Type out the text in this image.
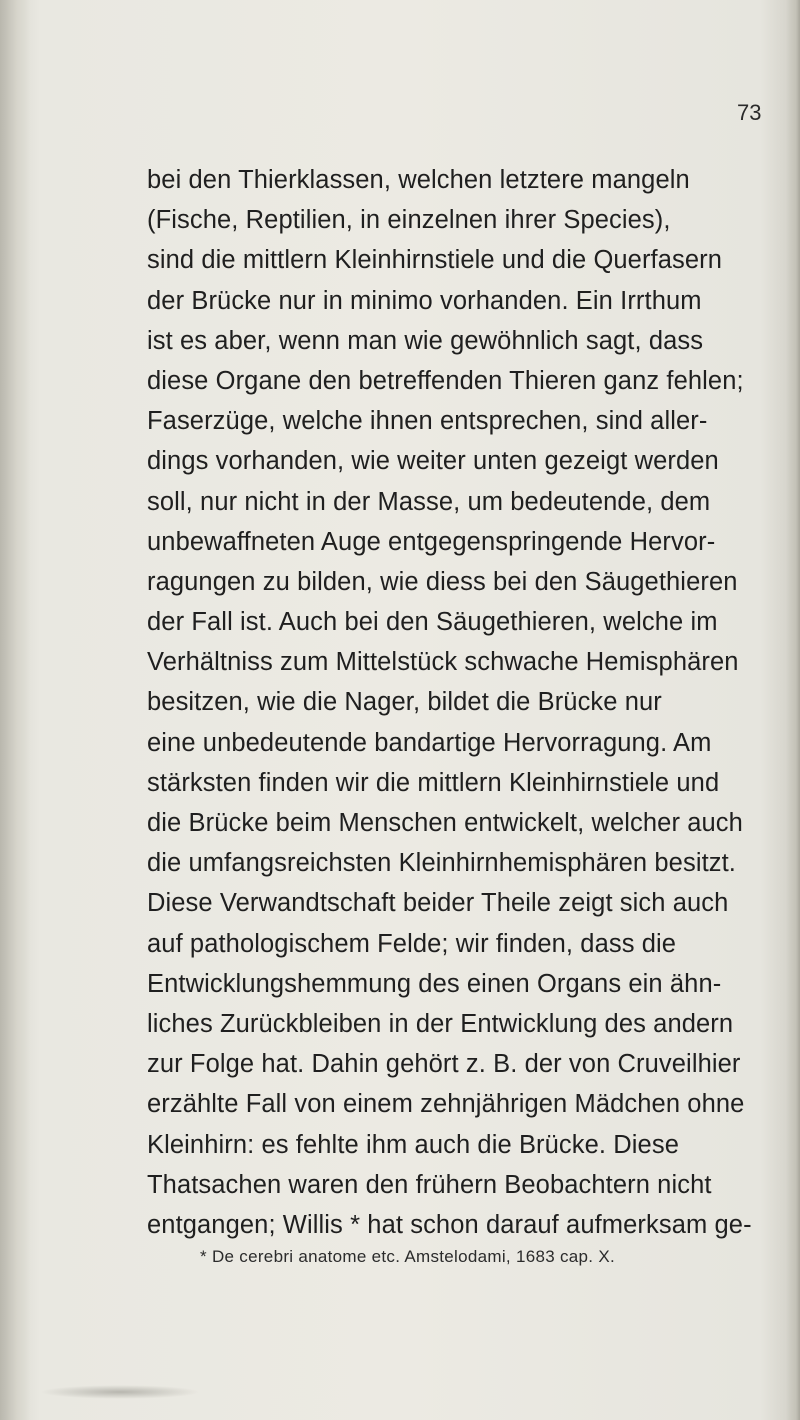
73

bei den Thierklassen, welchen letztere mangeln
(Fische, Reptilien, in einzelnen ihrer Species),
sind die mittlern Kleinhirnstiele und die Querfasern
der Brücke nur in minimo vorhanden. Ein Irrthum
ist es aber, wenn man wie gewöhnlich sagt, dass
diese Organe den betreffenden Thieren ganz fehlen;
Faserzüge, welche ihnen entsprechen, sind aller-
dings vorhanden, wie weiter unten gezeigt werden
soll, nur nicht in der Masse, um bedeutende, dem
unbewaffneten Auge entgegenspringende Hervor-
ragungen zu bilden, wie diess bei den Säugethieren
der Fall ist. Auch bei den Säugethieren, welche im
Verhältniss zum Mittelstück schwache Hemisphären
besitzen, wie die Nager, bildet die Brücke nur
eine unbedeutende bandartige Hervorragung. Am
stärksten finden wir die mittlern Kleinhirnstiele und
die Brücke beim Menschen entwickelt, welcher auch
die umfangsreichsten Kleinhirnhemisphären besitzt.
Diese Verwandtschaft beider Theile zeigt sich auch
auf pathologischem Felde; wir finden, dass die
Entwicklungshemmung des einen Organs ein ähn-
liches Zurückbleiben in der Entwicklung des andern
zur Folge hat. Dahin gehört z. B. der von Cruveilhier
erzählte Fall von einem zehnjährigen Mädchen ohne
Kleinhirn: es fehlte ihm auch die Brücke. Diese
Thatsachen waren den frühern Beobachtern nicht
entgangen; Willis * hat schon darauf aufmerksam ge-

* De cerebri anatome etc. Amstelodami, 1683 cap. X.
